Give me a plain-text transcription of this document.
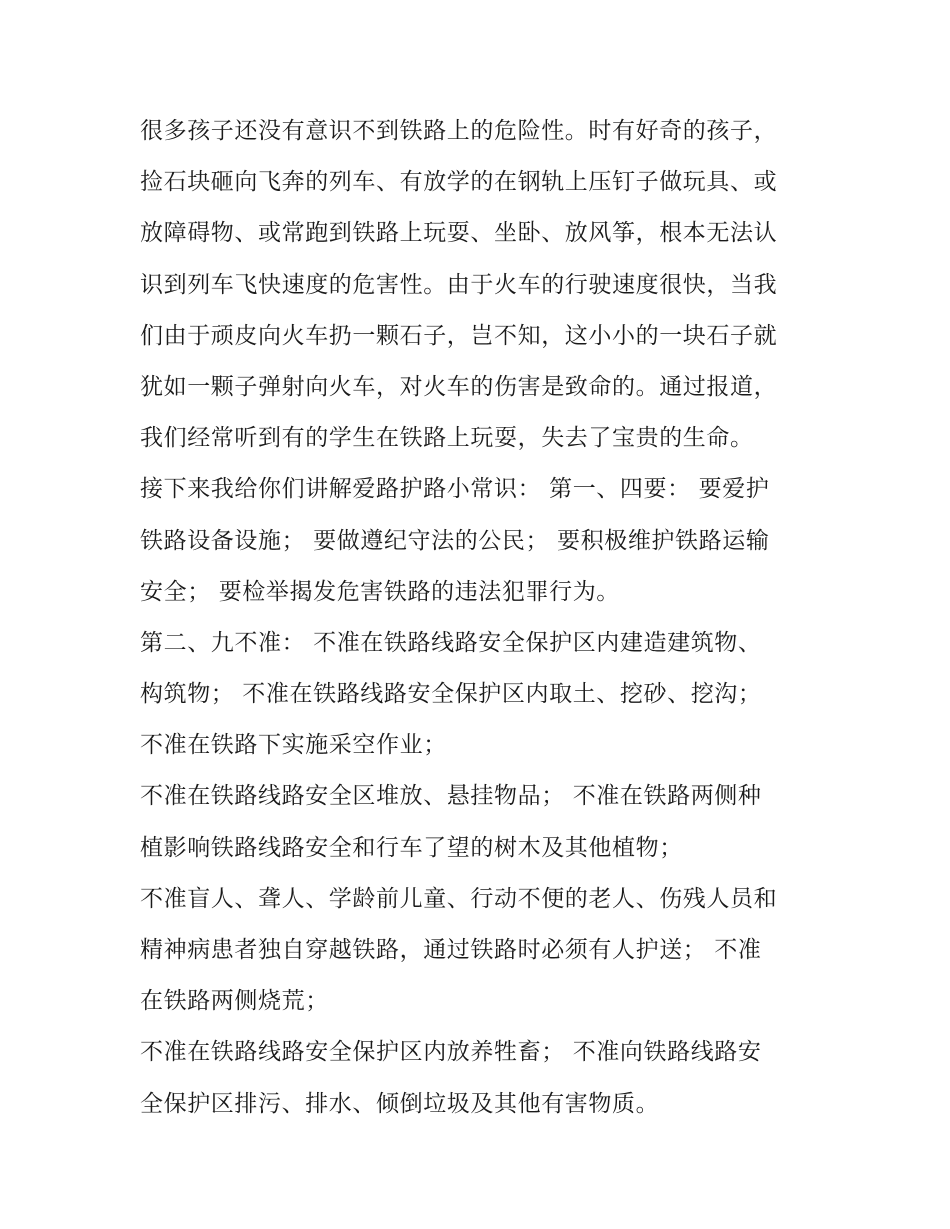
很多孩子还没有意识不到铁路上的危险性。时有好奇的孩子，
捡石块砸向飞奔的列车、有放学的在钢轨上压钉子做玩具、或
放障碍物、或常跑到铁路上玩耍、坐卧、放风筝，根本无法认
识到列车飞快速度的危害性。由于火车的行驶速度很快，当我
们由于顽皮向火车扔一颗石子，岂不知，这小小的一块石子就
犹如一颗子弹射向火车，对火车的伤害是致命的。通过报道，
我们经常听到有的学生在铁路上玩耍，失去了宝贵的生命。
接下来我给你们讲解爱路护路小常识： 第一、四要： 要爱护
铁路设备设施； 要做遵纪守法的公民； 要积极维护铁路运输
安全； 要检举揭发危害铁路的违法犯罪行为。
第二、九不准： 不准在铁路线路安全保护区内建造建筑物、
构筑物； 不准在铁路线路安全保护区内取土、挖砂、挖沟；
不准在铁路下实施采空作业；
不准在铁路线路安全区堆放、悬挂物品； 不准在铁路两侧种
植影响铁路线路安全和行车了望的树木及其他植物；
不准盲人、聋人、学龄前儿童、行动不便的老人、伤残人员和
精神病患者独自穿越铁路，通过铁路时必须有人护送； 不准
在铁路两侧烧荒；
不准在铁路线路安全保护区内放养牲畜； 不准向铁路线路安
全保护区排污、排水、倾倒垃圾及其他有害物质。
